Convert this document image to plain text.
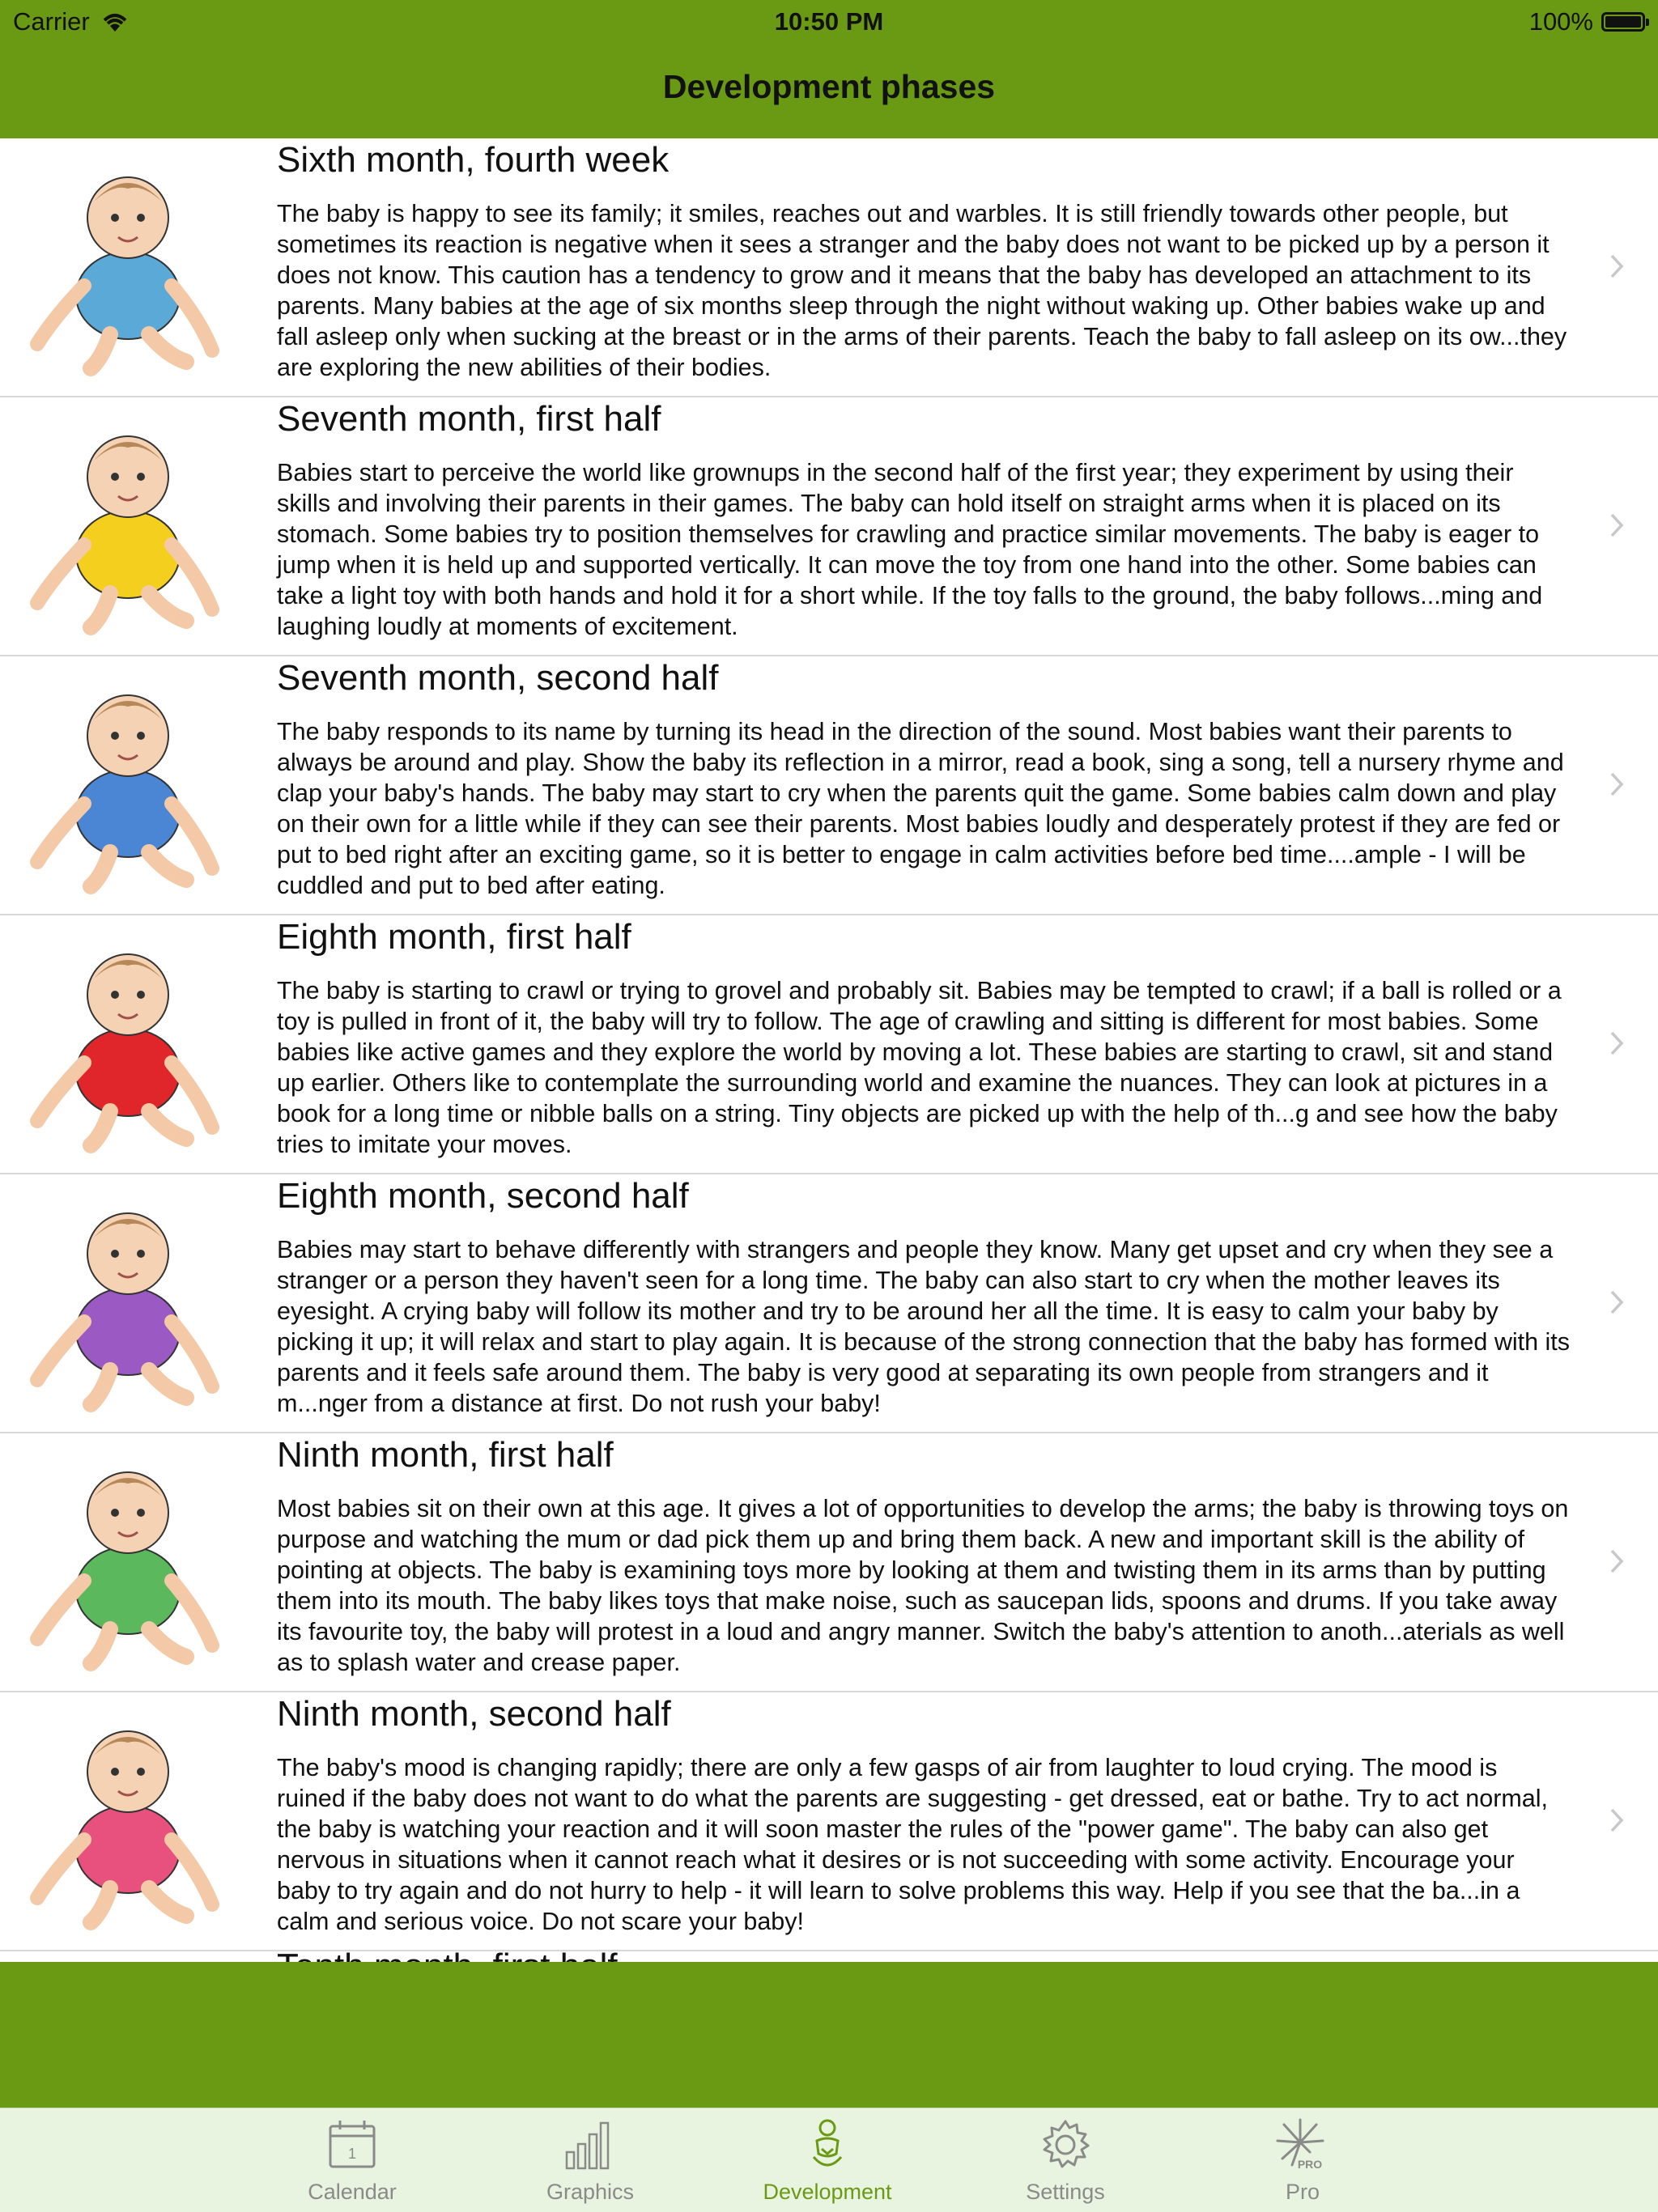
Carrier	10:50 PM	100%
Development phases
Sixth month, fourth week
The baby is happy to see its family; it smiles, reaches out and warbles. It is still friendly towards other people, but sometimes its reaction is negative when it sees a stranger and the baby does not want to be picked up by a person it does not know. This caution has a tendency to grow and it means that the baby has developed an attachment to its parents. Many babies at the age of six months sleep through the night without waking up. Other babies wake up and fall asleep only when sucking at the breast or in the arms of their parents. Teach the baby to fall asleep on its ow...they are exploring the new abilities of their bodies.
Seventh month, first half
Babies start to perceive the world like grownups in the second half of the first year; they experiment by using their skills and involving their parents in their games. The baby can hold itself on straight arms when it is placed on its stomach. Some babies try to position themselves for crawling and practice similar movements. The baby is eager to jump when it is held up and supported vertically. It can move the toy from one hand into the other. Some babies can take a light toy with both hands and hold it for a short while. If the toy falls to the ground, the baby follows...ming and laughing loudly at moments of excitement.
Seventh month, second half
The baby responds to its name by turning its head in the direction of the sound. Most babies want their parents to always be around and play. Show the baby its reflection in a mirror, read a book, sing a song, tell a nursery rhyme and clap your baby's hands. The baby may start to cry when the parents quit the game. Some babies calm down and play on their own for a little while if they can see their parents. Most babies loudly and desperately protest if they are fed or put to bed right after an exciting game, so it is better to engage in calm activities before bed time....ample - I will be cuddled and put to bed after eating.
Eighth month, first half
The baby is starting to crawl or trying to grovel and probably sit. Babies may be tempted to crawl; if a ball is rolled or a toy is pulled in front of it, the baby will try to follow. The age of crawling and sitting is different for most babies. Some babies like active games and they explore the world by moving a lot. These babies are starting to crawl, sit and stand up earlier. Others like to contemplate the surrounding world and examine the nuances. They can look at pictures in a book for a long time or nibble balls on a string. Tiny objects are picked up with the help of th...g and see how the baby tries to imitate your moves.
Eighth month, second half
Babies may start to behave differently with strangers and people they know. Many get upset and cry when they see a stranger or a person they haven't seen for a long time. The baby can also start to cry when the mother leaves its eyesight. A crying baby will follow its mother and try to be around her all the time. It is easy to calm your baby by picking it up; it will relax and start to play again. It is because of the strong connection that the baby has formed with its parents and it feels safe around them. The baby is very good at separating its own people from strangers and it m...nger from a distance at first. Do not rush your baby!
Ninth month, first half
Most babies sit on their own at this age. It gives a lot of opportunities to develop the arms; the baby is throwing toys on purpose and watching the mum or dad pick them up and bring them back. A new and important skill is the ability of pointing at objects. The baby is examining toys more by looking at them and twisting them in its arms than by putting them into its mouth. The baby likes toys that make noise, such as saucepan lids, spoons and drums. If you take away its favourite toy, the baby will protest in a loud and angry manner. Switch the baby's attention to anoth...aterials as well as to splash water and crease paper.
Ninth month, second half
The baby's mood is changing rapidly; there are only a few gasps of air from laughter to loud crying. The mood is ruined if the baby does not want to do what the parents are suggesting - get dressed, eat or bathe. Try to act normal, the baby is watching your reaction and it will soon master the rules of the "power game". The baby can also get nervous in situations when it cannot reach what it desires or is not succeeding with some activity. Encourage your baby to try again and do not hurry to help - it will learn to solve problems this way. Help if you see that the ba...in a calm and serious voice. Do not scare your baby!
1
Calendar	Graphics	Development	Settings
PRO
Pro
